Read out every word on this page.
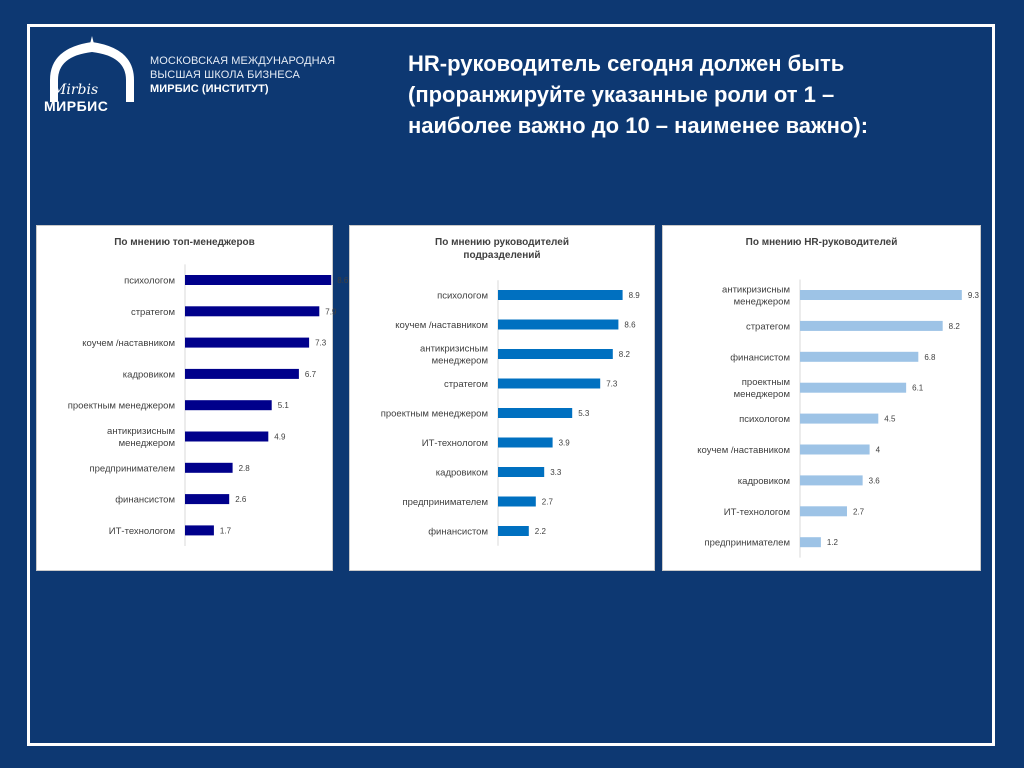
Mirbis
МИРБИС
МОСКОВСКАЯ МЕЖДУНАРОДНАЯ
ВЫСШАЯ ШКОЛА БИЗНЕСА
МИРБИС (ИНСТИТУТ)
HR-руководитель сегодня должен быть
(проранжируйте указанные роли от 1 –
наиболее важно до 10 – наименее важно):
По мнению топ-менеджеров
8.6
психологом
7.9
стратегом
7.3
коучем /наставником
6.7
кадровиком
5.1
проектным менеджером
4.9
антикризисным менеджером
2.8
предпринимателем
2.6
финансистом
1.7
ИТ-технологом
По мнению руководителей
подразделений
8.9
психологом
8.6
коучем /наставником
8.2
антикризисным менеджером
7.3
стратегом
5.3
проектным менеджером
3.9
ИТ-технологом
3.3
кадровиком
2.7
предпринимателем
2.2
финансистом
По мнению HR-руководителей
9.3
антикризисным менеджером
8.2
стратегом
6.8
финансистом
6.1
проектным менеджером
4.5
психологом
4
коучем /наставником
3.6
кадровиком
2.7
ИТ-технологом
1.2
предпринимателем
